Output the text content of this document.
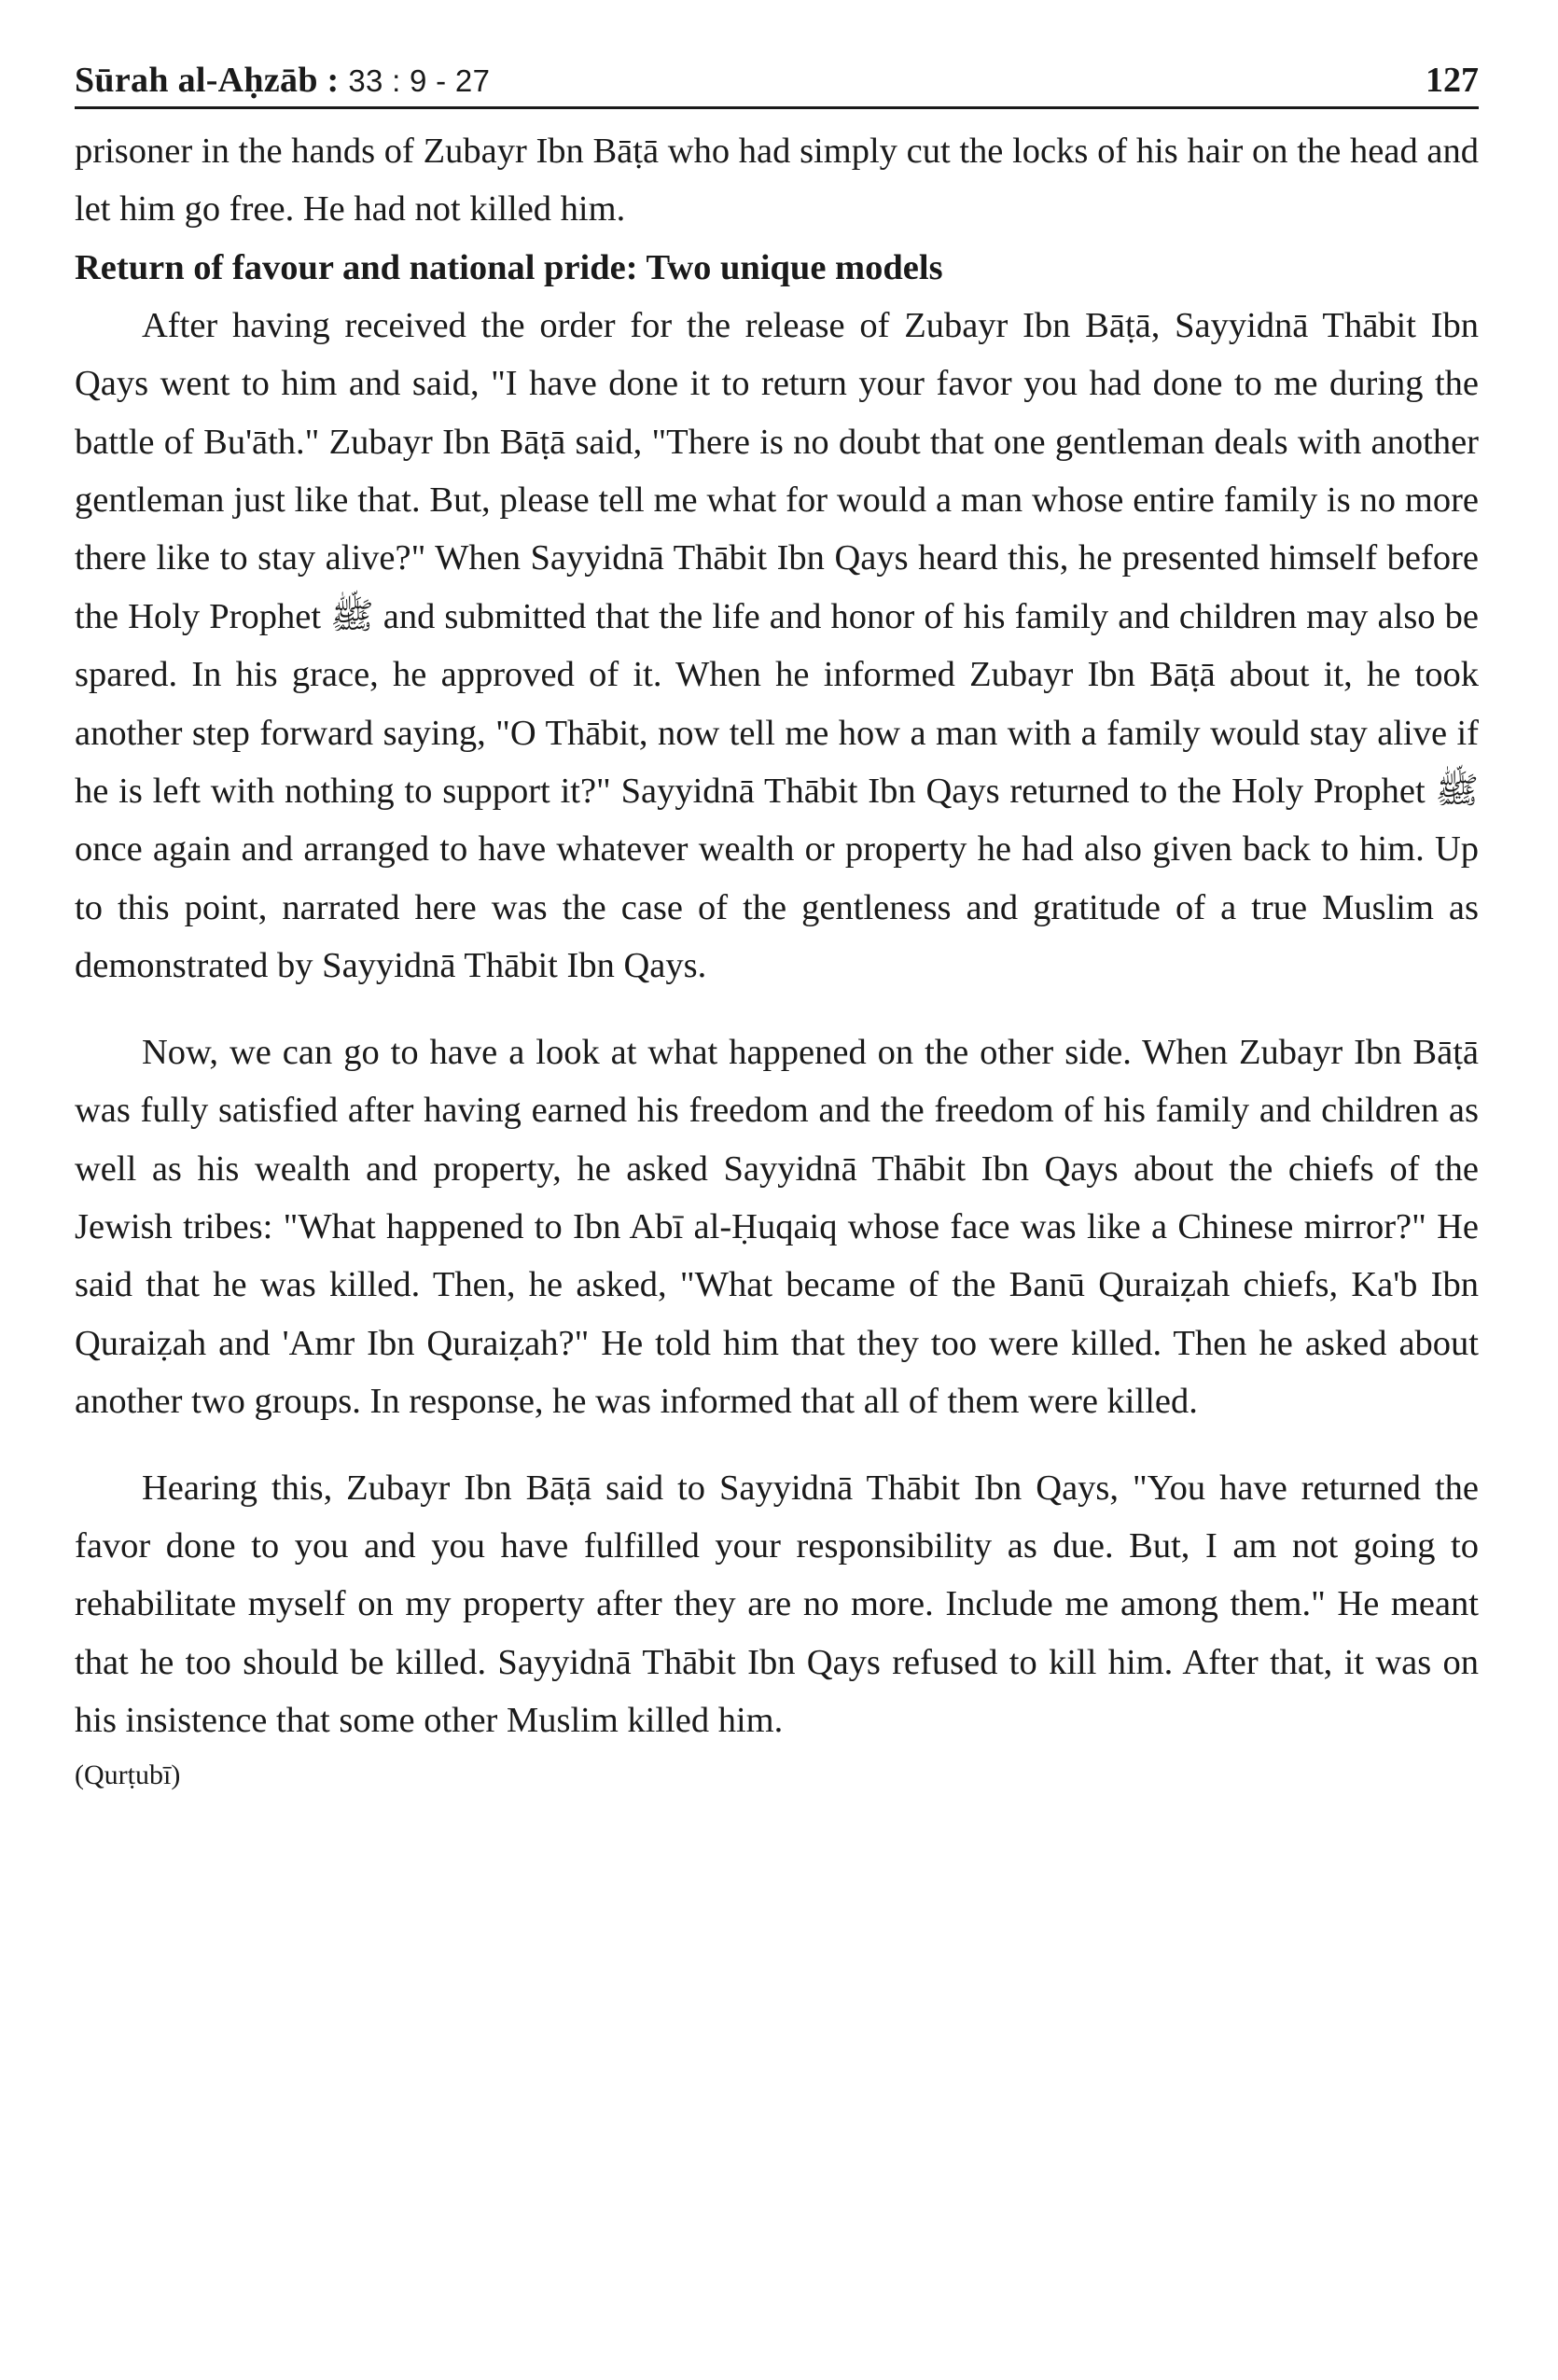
Sūrah al-Aḥzāb : 33 : 9 - 27	127

prisoner in the hands of Zubayr Ibn Bāṭā who had simply cut the locks of his hair on the head and let him go free. He had not killed him.

Return of favour and national pride: Two unique models

After having received the order for the release of Zubayr Ibn Bāṭā, Sayyidnā Thābit Ibn Qays went to him and said, "I have done it to return your favor you had done to me during the battle of Bu'āth." Zubayr Ibn Bāṭā said, "There is no doubt that one gentleman deals with another gentleman just like that. But, please tell me what for would a man whose entire family is no more there like to stay alive?" When Sayyidnā Thābit Ibn Qays heard this, he presented himself before the Holy Prophet ﷺ and submitted that the life and honor of his family and children may also be spared. In his grace, he approved of it. When he informed Zubayr Ibn Bāṭā about it, he took another step forward saying, "O Thābit, now tell me how a man with a family would stay alive if he is left with nothing to support it?" Sayyidnā Thābit Ibn Qays returned to the Holy Prophet ﷺ once again and arranged to have whatever wealth or property he had also given back to him. Up to this point, narrated here was the case of the gentleness and gratitude of a true Muslim as demonstrated by Sayyidnā Thābit Ibn Qays.

Now, we can go to have a look at what happened on the other side. When Zubayr Ibn Bāṭā was fully satisfied after having earned his freedom and the freedom of his family and children as well as his wealth and property, he asked Sayyidnā Thābit Ibn Qays about the chiefs of the Jewish tribes: "What happened to Ibn Abī al-Ḥuqaiq whose face was like a Chinese mirror?" He said that he was killed. Then, he asked, "What became of the Banū Quraiẓah chiefs, Ka'b Ibn Quraiẓah and 'Amr Ibn Quraiẓah?" He told him that they too were killed. Then he asked about another two groups. In response, he was informed that all of them were killed.

Hearing this, Zubayr Ibn Bāṭā said to Sayyidnā Thābit Ibn Qays, "You have returned the favor done to you and you have fulfilled your responsibility as due. But, I am not going to rehabilitate myself on my property after they are no more. Include me among them." He meant that he too should be killed. Sayyidnā Thābit Ibn Qays refused to kill him. After that, it was on his insistence that some other Muslim killed him.

(Qurṭubī)
